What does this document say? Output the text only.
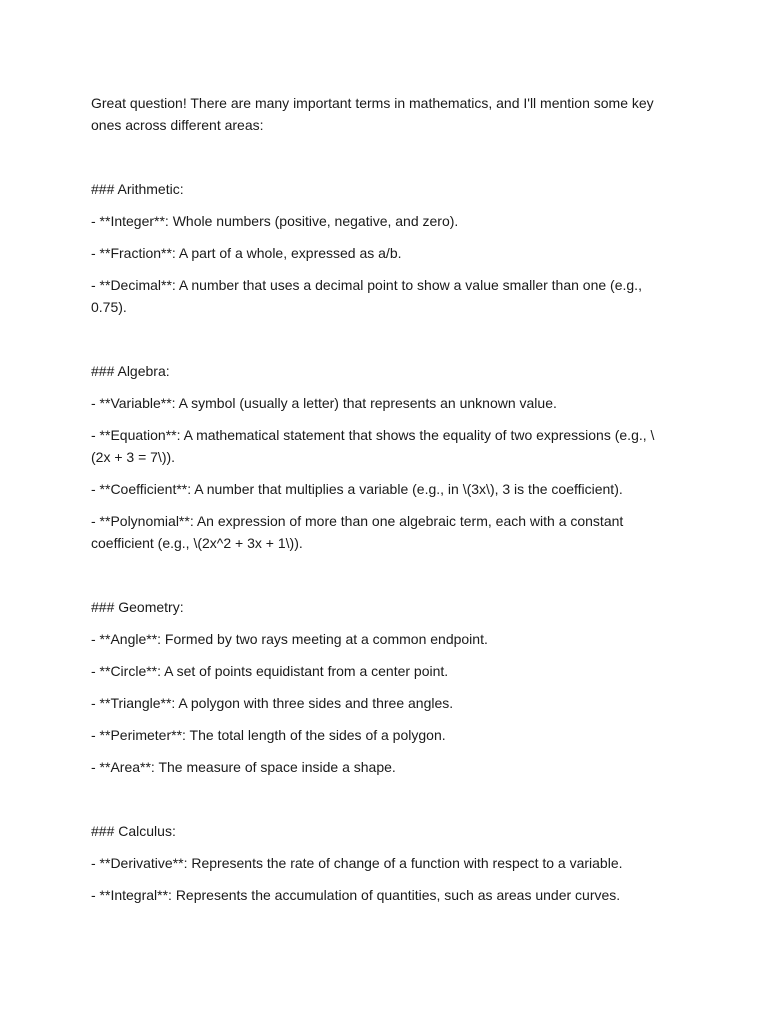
Great question! There are many important terms in mathematics, and I'll mention some key ones across different areas:

### Arithmetic:

- **Integer**: Whole numbers (positive, negative, and zero).

- **Fraction**: A part of a whole, expressed as a/b.

- **Decimal**: A number that uses a decimal point to show a value smaller than one (e.g., 0.75).

### Algebra:

- **Variable**: A symbol (usually a letter) that represents an unknown value.

- **Equation**: A mathematical statement that shows the equality of two expressions (e.g., \(2x + 3 = 7\)).

- **Coefficient**: A number that multiplies a variable (e.g., in \(3x\), 3 is the coefficient).

- **Polynomial**: An expression of more than one algebraic term, each with a constant coefficient (e.g., \(2x^2 + 3x + 1\)).

### Geometry:

- **Angle**: Formed by two rays meeting at a common endpoint.

- **Circle**: A set of points equidistant from a center point.

- **Triangle**: A polygon with three sides and three angles.

- **Perimeter**: The total length of the sides of a polygon.

- **Area**: The measure of space inside a shape.

### Calculus:

- **Derivative**: Represents the rate of change of a function with respect to a variable.

- **Integral**: Represents the accumulation of quantities, such as areas under curves.
